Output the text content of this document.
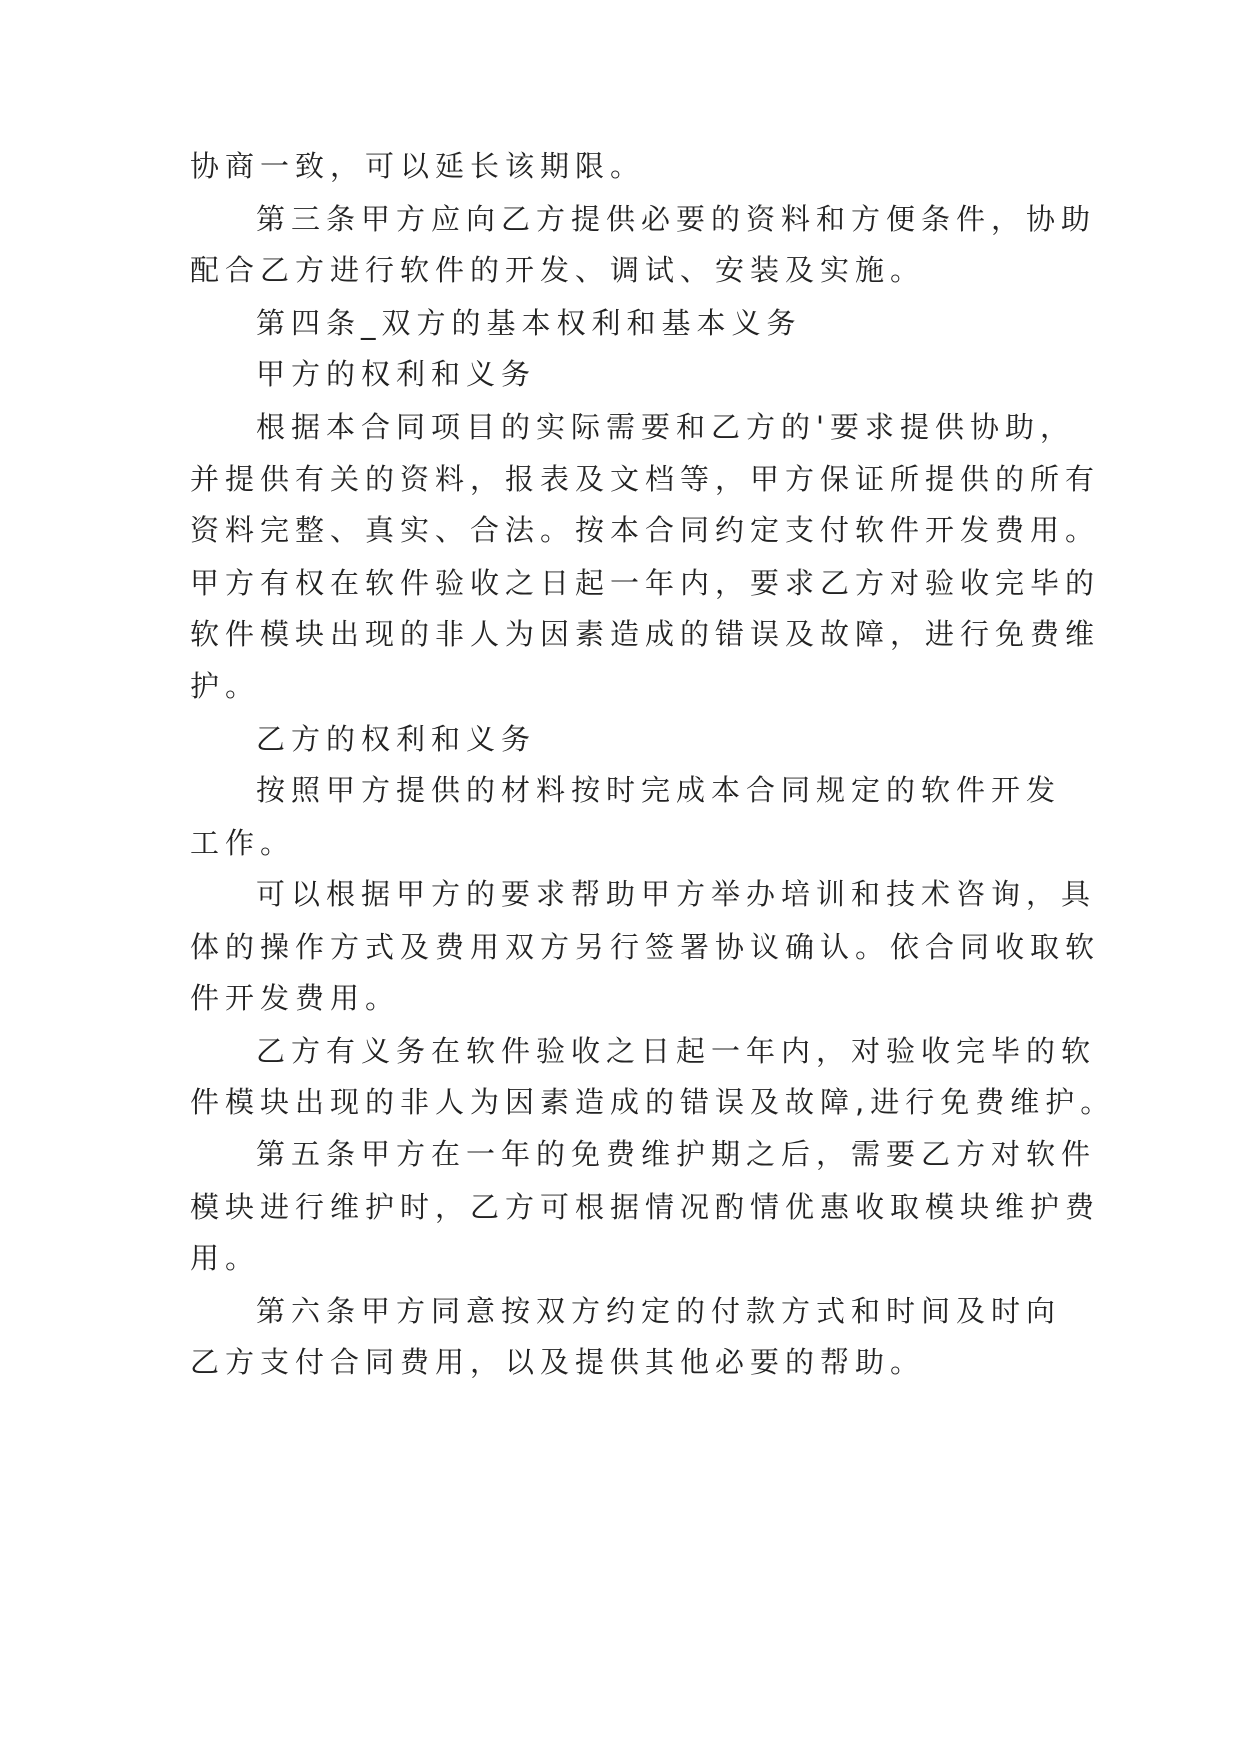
协商一致，可以延长该期限。
第三条甲方应向乙方提供必要的资料和方便条件，协助
配合乙方进行软件的开发、调试、安装及实施。
第四条_双方的基本权利和基本义务
甲方的权利和义务
根据本合同项目的实际需要和乙方的'要求提供协助，
并提供有关的资料，报表及文档等，甲方保证所提供的所有
资料完整、真实、合法。按本合同约定支付软件开发费用。
甲方有权在软件验收之日起一年内，要求乙方对验收完毕的
软件模块出现的非人为因素造成的错误及故障，进行免费维
护。
乙方的权利和义务
按照甲方提供的材料按时完成本合同规定的软件开发
工作。
可以根据甲方的要求帮助甲方举办培训和技术咨询，具
体的操作方式及费用双方另行签署协议确认。依合同收取软
件开发费用。
乙方有义务在软件验收之日起一年内，对验收完毕的软
件模块出现的非人为因素造成的错误及故障,进行免费维护。
第五条甲方在一年的免费维护期之后，需要乙方对软件
模块进行维护时，乙方可根据情况酌情优惠收取模块维护费
用。
第六条甲方同意按双方约定的付款方式和时间及时向
乙方支付合同费用，以及提供其他必要的帮助。
